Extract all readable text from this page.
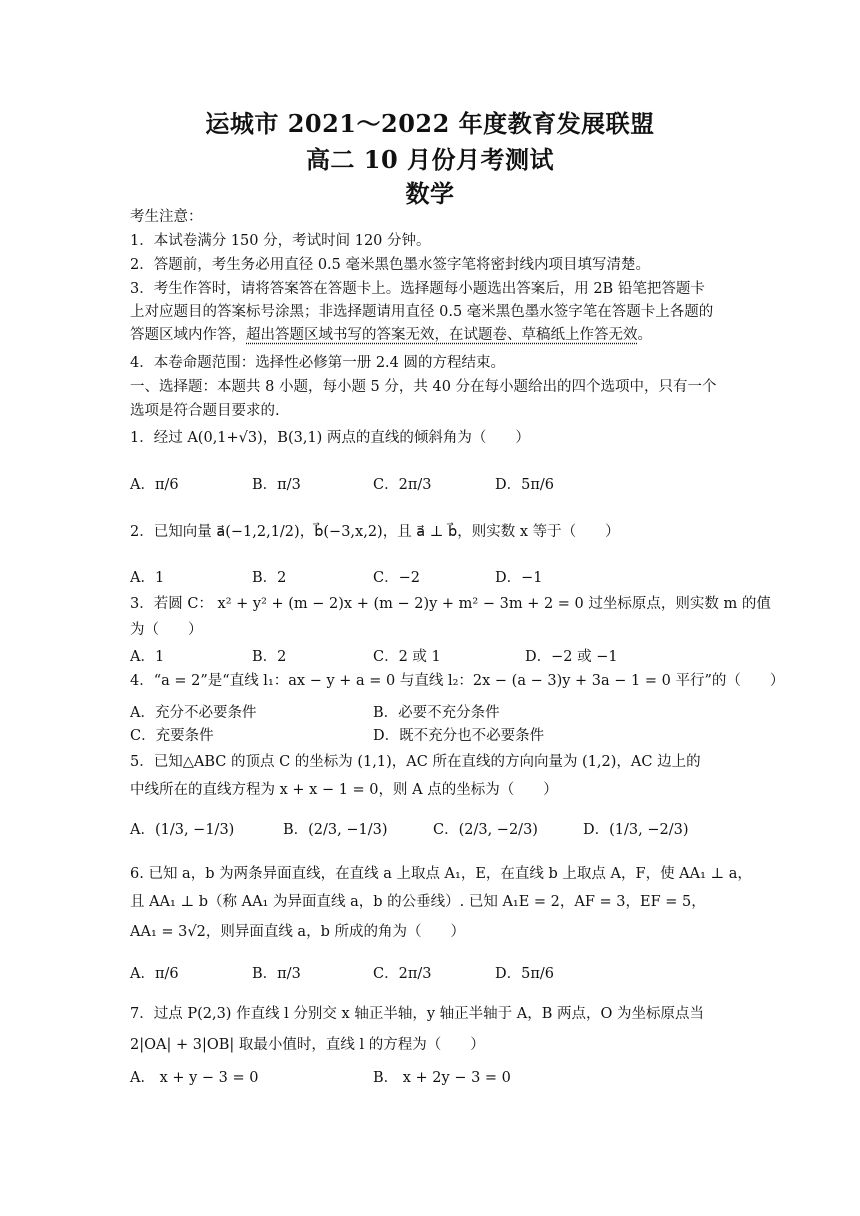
运城市 2021～2022 年度教育发展联盟
高二 10 月份月考测试
数学
考生注意：
1．本试卷满分 150 分，考试时间 120 分钟。
2．答题前，考生务必用直径 0.5 毫米黑色墨水签字笔将密封线内项目填写清楚。
3．考生作答时，请将答案答在答题卡上。选择题每小题选出答案后，用 2B 铅笔把答题卡
上对应题目的答案标号涂黑；非选择题请用直径 0.5 毫米黑色墨水签字笔在答题卡上各题的
答题区域内作答，超出答题区域书写的答案无效，在试题卷、草稿纸上作答无效。
4．本卷命题范围：选择性必修第一册 2.4 圆的方程结束。
一、选择题：本题共 8 小题，每小题 5 分，共 40 分在每小题给出的四个选项中，只有一个
选项是符合题目要求的.
1．经过 A(0,1+√3)，B(3,1) 两点的直线的倾斜角为（　　）
A．π/6	B．π/3	C．2π/3	D．5π/6
2．已知向量 a⃗(−1,2,1/2)，b⃗(−3,x,2)，且 a⃗ ⊥ b⃗，则实数 x 等于（　　）
A．1	B．2	C．−2	D．−1
3．若圆 C： x² + y² + (m − 2)x + (m − 2)y + m² − 3m + 2 = 0 过坐标原点，则实数 m 的值
为（　　）
A．1	B．2	C．2 或 1	D．−2 或 −1
4．“a = 2”是“直线 l₁：ax − y + a = 0 与直线 l₂：2x − (a − 3)y + 3a − 1 = 0 平行”的（　　）
A．充分不必要条件	B．必要不充分条件
C．充要条件	D．既不充分也不必要条件
5．已知△ABC 的顶点 C 的坐标为 (1,1)，AC 所在直线的方向向量为 (1,2)，AC 边上的
中线所在的直线方程为 x + x − 1 = 0，则 A 点的坐标为（　　）
A．(1/3, −1/3)	B．(2/3, −1/3)	C．(2/3, −2/3)	D．(1/3, −2/3)
6. 已知 a，b 为两条异面直线，在直线 a 上取点 A₁，E，在直线 b 上取点 A，F，使 AA₁ ⊥ a，
且 AA₁ ⊥ b（称 AA₁ 为异面直线 a，b 的公垂线）. 已知 A₁E = 2，AF = 3，EF = 5，
AA₁ = 3√2，则异面直线 a，b 所成的角为（　　）
A．π/6	B．π/3	C．2π/3	D．5π/6
7．过点 P(2,3) 作直线 l 分别交 x 轴正半轴，y 轴正半轴于 A，B 两点，O 为坐标原点当
2|OA| + 3|OB| 取最小值时，直线 l 的方程为（　　）
A． x + y − 3 = 0	B． x + 2y − 3 = 0
